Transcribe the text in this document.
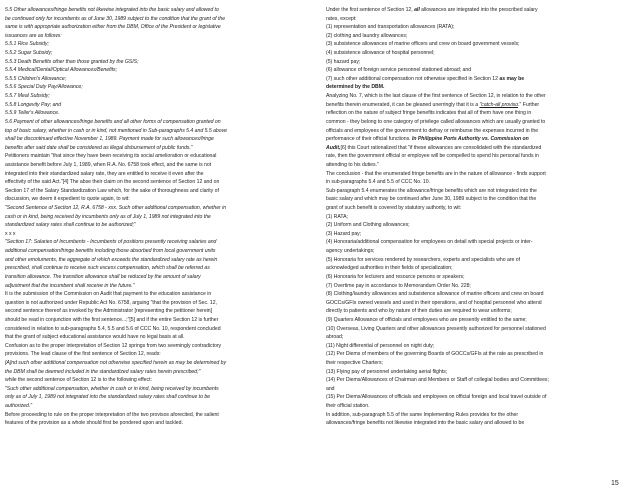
5.5 Other allowances/fringe benefits not likewise integrated into the basic salary and allowed to
be continued only for incumbents as of June 30, 1989 subject to the condition that the grant of the
same is with appropriate authorization either from the DBM, Office of the President or legislative
issuances are as follows:
5.5.1 Rice Subsidy;
5.5.2 Sugar Subsidy;
5.5.3 Death Benefits other than those granted by the GSIS;
5.5.4 Medical/Dental/Optical Allowances/Benefits;
5.5.5 Children's Allowance;
5.5.6 Special Duty Pay/Allowance;
5.5.7 Meal Subsidy;
5.5.8 Longevity Pay; and
5.5.9 Teller's Allowance.
5.6 Payment of other allowances/fringe benefits and all other forms of compensation granted on
top of basic salary, whether in cash or in kind, not mentioned in Sub-paragraphs 5.4 and 5.5 above
shall be discontinued effective November 1, 1989. Payment made for such allowances/fringe
benefits after said date shall be considered as illegal disbursement of public funds."
Petitioners maintain "that since they have been receiving its social amelioration or educational
assistance benefit before July 1, 1989, when R.A. No. 6758 took effect, and the same is not
integrated into their standardized salary rate, they are entitled to receive it even after the
effectivity of the said Act."[4] The abse their claim on the second sentence of Section 12 and on
Section 17 of the Salary Standardization Law which, for the sake of thoroughness and clarity of
discussion, we deem it expedient to quote again, to wit:
"Second Sentence of Section 12, R.A. 6758 - xxx. Such other additional compensation, whether in
cash or in kind, being received by incumbents only as of July 1, 1989 not integrated into the
standardized salary rates shall continue to be authorized;"
x x x
"Section 17: Salaries of Incumbents - Incumbents of positions presently receiving salaries and
additional compensation/fringe benefits including those absorbed from local government units
and other emoluments, the aggregate of which exceeds the standardized salary rate as herein
prescribed, shall continue to receive such excess compensation, which shall be referred as
transition allowance. The transition allowance shall be reduced by the amount of salary
adjustment that the incumbent shall receive in the future."
It is the submission of the Commission on Audit that payment to the education assistance in
question is not authorized under Republic Act No. 6758, arguing "that the provision of Sec. 12,
second sentence thereof as invoked by the Administrator [representing the petitioner herein]
should be read in conjunction with the first sentence...;"[5] and if the entire Section 12 is further
considered in relation to sub-paragraphs 5.4, 5.5 and 5.6 of CCC No. 10, respondent concluded
that the grant of subject educational assistance would have no legal basis at all.
Confusion as to the proper interpretation of Section 12 springs from two seemingly contradictory
provisions. The lead clause of the first sentence of Section 12, reads:
[A]nd such other additional compensation not otherwise specified herein as may be determined by
the DBM shall be deemed included in the standardized salary rates herein prescribed;"
while the second sentence of Section 12 is to the following effect:
"Such other additional compensation, whether in cash or in kind, being received by incumbents
only as of July 1, 1989 not integrated into the standardized salary rates shall continue to be
authorized."
Before proceeding to rule on the proper interpretation of the two provisos aforecited, the salient
features of the provision as a whole should first be pondered upon and tackled.
Under the first sentence of Section 12, all allowances are integrated into the prescribed salary
rates, except:
(1) representation and transportation allowances (RATA);
(2) clothing and laundry allowances;
(3) subsistence allowances of marine officers and crew on board government vessels;
(4) subsistence allowance of hospital personnel;
(5) hazard pay;
(6) allowance of foreign service personnel stationed abroad; and
(7) such other additional compensation not otherwise specified in Section 12 as may be
determined by the DBM.
Analyzing No. 7, which is the last clause of the first sentence of Section 12, in relation to the other
benefits therein enumerated, it can be gleaned unerringly that it is a "catch-all proviso." Further
reflection on the nature of subject fringe benefits indicates that all of them have one thing in
common - they belong to one category of privilege called allowances which are usually granted to
officials and employees of the government to defray or reimburse the expenses incurred in the
performance of their official functions. In Philippine Ports Authority vs. Commission on
Audit,[6] this Court rationalized that "if these allowances are consolidated with the standardized
rate, then the government official or employee will be compelled to spend his personal funds in
attending to his duties."
The conclusion - that the enumerated fringe benefits are in the nature of allowance - finds support
in sub-paragraphs 5.4 and 5.5 of CCC No. 10.
Sub-paragraph 5.4 enumerates the allowance/fringe benefits which are not integrated into the
basic salary and which may be continued after June 30, 1989 subject to the condition that the
grant of such benefit is covered by statutory authority, to wit:
(1) RATA;
(2) Uniform and Clothing allowances;
(3) Hazard pay;
(4) Honoraria/additional compensation for employees on detail with special projects or inter-
agency undertakings;
(5) Honoraria for services rendered by researchers, experts and specialists who are of
acknowledged authorities in their fields of specialization;
(6) Honoraria for lecturers and resource persons or speakers;
(7) Overtime pay in accordance to Memorandum Order No. 228;
(8) Clothing/laundry allowances and subsistence allowance of marine officers and crew on board
GOCCs/GFIs owned vessels and used in their operations, and of hospital personnel who attend
directly to patients and who by nature of their duties are required to wear uniforms;
(9) Quarters Allowance of officials and employees who are presently entitled to the same;
(10) Overseas, Living Quarters and other allowances presently authorized for personnel stationed
abroad;
(11) Night differential of personnel on night duty;
(12) Per Diems of members of the governing Boards of GOCCs/GFIs at the rate as prescribed in
their respective Charters;
(13) Flying pay of personnel undertaking aerial flights;
(14) Per Diems/Allowances of Chairman and Members or Staff of collegial bodies and Committees;
and
(15) Per Diems/Allowances of officials and employees on official foreign and local travel outside of
their official station.
In addition, sub-paragraph 5.5 of the same Implementing Rules provides for the other
allowances/fringe benefits not likewise integrated into the basic salary and allowed to be
15
